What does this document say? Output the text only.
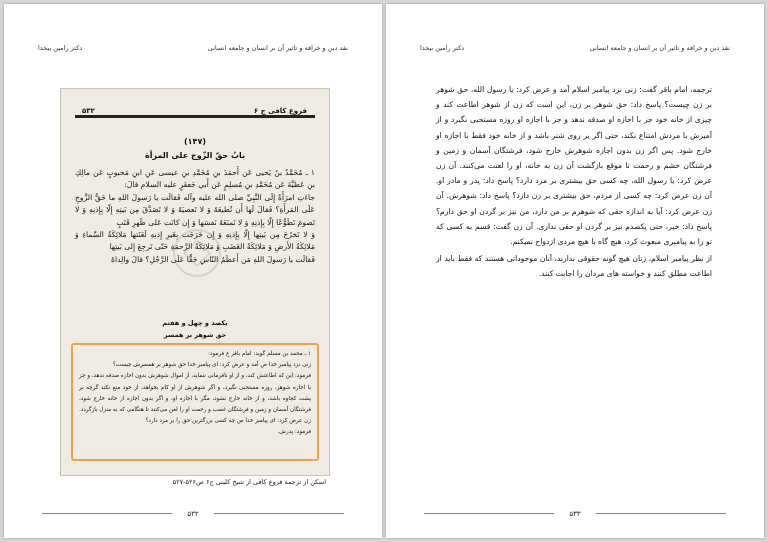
نقد دین و خرافه و تاثیر آن بر انسان و جامعه انسانی
دکتر رامین بیخدا
فروع کافی ج ۶
۵۳۲
(۱۴۷)
بابُ حقّ الزّوج علی المرأة

۱ ـ مُحَمَّدُ بنُ يَحيى عَن أَحمَدَ بنِ مُحَمَّدِ بنِ عيسى عَنِ ابنِ مَحبوبٍ عَن مالِكِ بنِ عَطيَّةَ عَن مُحَمَّدِ بنِ مُسلِمٍ عَن أَبي جَعفَرٍ عليه السلام قالَ:

جاءَتِ امرَأَةٌ إِلَى النَّبِيِّ صلى الله عليه وآله فَقالَت يا رَسولَ اللهِ ما حَقُّ الزَّوجِ عَلَى المَرأَةِ؟ فَقالَ لَها أَن تُطيعَهُ وَ لا تَعصيَهُ وَ لا تَصَدَّقَ مِن بَيتِهِ إِلّا بِإِذنِهِ وَ لا تَصومَ تَطَوُّعًا إِلّا بِإِذنِهِ وَ لا تَمنَعَهُ نَفسَها وَ إِن كانَت عَلى ظَهرِ قَتَبٍ

وَ لا تَخرُجَ مِن بَيتِها إِلّا بِإِذنِهِ وَ إِن خَرَجَت بِغَيرِ إِذنِهِ لَعَنَتها مَلائِكَةُ السَّماءِ وَ مَلائِكَةُ الأَرضِ وَ مَلائِكَةُ الغَضَبِ وَ مَلائِكَةُ الرَّحمَةِ حَتّى تَرجِعَ إِلى بَيتِها

فَقالَت يا رَسولَ اللهِ مَن أَعظَمُ النّاسِ حَقًّا عَلَى الرَّجُلِ؟ قالَ والِداهُ

یکصد و چهل و هفتم
حق شوهر بر همسر

۱ ـ محمد بن مسلم گوید: امام باقر ع فرمود:

زنی نزد پیامبر خدا ص آمد و عرض کرد: ای پیامبر خدا حق شوهر بر همسرش چیست؟

فرمود: این که اطاعتش کند، و از او نافرمانی ننماید، از اموال شوهرش بدون اجازه صدقه ندهد، و جز با اجازه شوهر، روزه مستحبی نگیرد، و اگر شوهرش از او کام بخواهد، از خود منع نکند گرچه بر پشت کجاوه باشد، و از خانه خارج نشود، مگر با اجازه او، و اگر بدون اجازه از خانه خارج شود، فرشتگان آسمان و زمین و فرشتگان غضب و رحمت او را لعن می‌کنند تا هنگامی که به منزل بازگردد.

زن عرض کرد: ای پیامبر خدا ص چه کسی بزرگترین حق را بر مرد دارد؟

فرمود: پدرش.

اسکن از ترجمه فروع کافی از شیخ کلینی ج۶ ص۵۲۶-۵۲۷
۵۳۲
نقد دین و خرافه و تاثیر آن بر انسان و جامعه انسانی
دکتر رامین بیخدا

ترجمه، امام باقر گفت: زنی نزد پیامبر اسلام آمد و عرض کرد: یا رسول الله، حق شوهر بر زن چیست؟ پاسخ داد: حق شوهر بر زن، این است که زن از شوهر اطاعت کند و چیزی از خانه خود جز با اجازه او صدقه ندهد و جز با اجازه او روزه مستحبی نگیرد و از آمیزش با مردش امتناع نکند، حتی اگر بر روی شتر باشد و از خانه خود فقط با اجازه او خارج شود. پس اگر زن بدون اجازه شوهرش خارج شود، فرشتگان آسمان و زمین و فرشتگان خشم و رحمت تا موقع بازگشت آن زن به خانه، او را لعنت می‌کنند. آن زن عرض کرد: یا رسول الله، چه کسی حق بیشتری بر مرد دارد؟ پاسخ داد: پدر و مادر او. آن زن عرض کرد: چه کسی از مردم، حق بیشتری بر زن دارد؟ پاسخ داد: شوهرش. آن زن عرض کرد: آیا به اندازه حقی که شوهرم بر من دارد، من نیز بر گردن او حق دارم؟ پاسخ داد: خیر، حتی یکصدم نیز بر گردن او حقی نداری. آن زن گفت: قسم به کسی که تو را به پیامبری مبعوث کرد، هیچ گاه با هیچ مردی ازدواج نمیکنم.

از نظر پیامبر اسلام، زنان هیچ گونه حقوقی ندارند، آنان موجوداتی هستند که فقط باید از اطاعت مطلق کنند و خواسته های مردان را اجابت کنند.

۵۳۳
